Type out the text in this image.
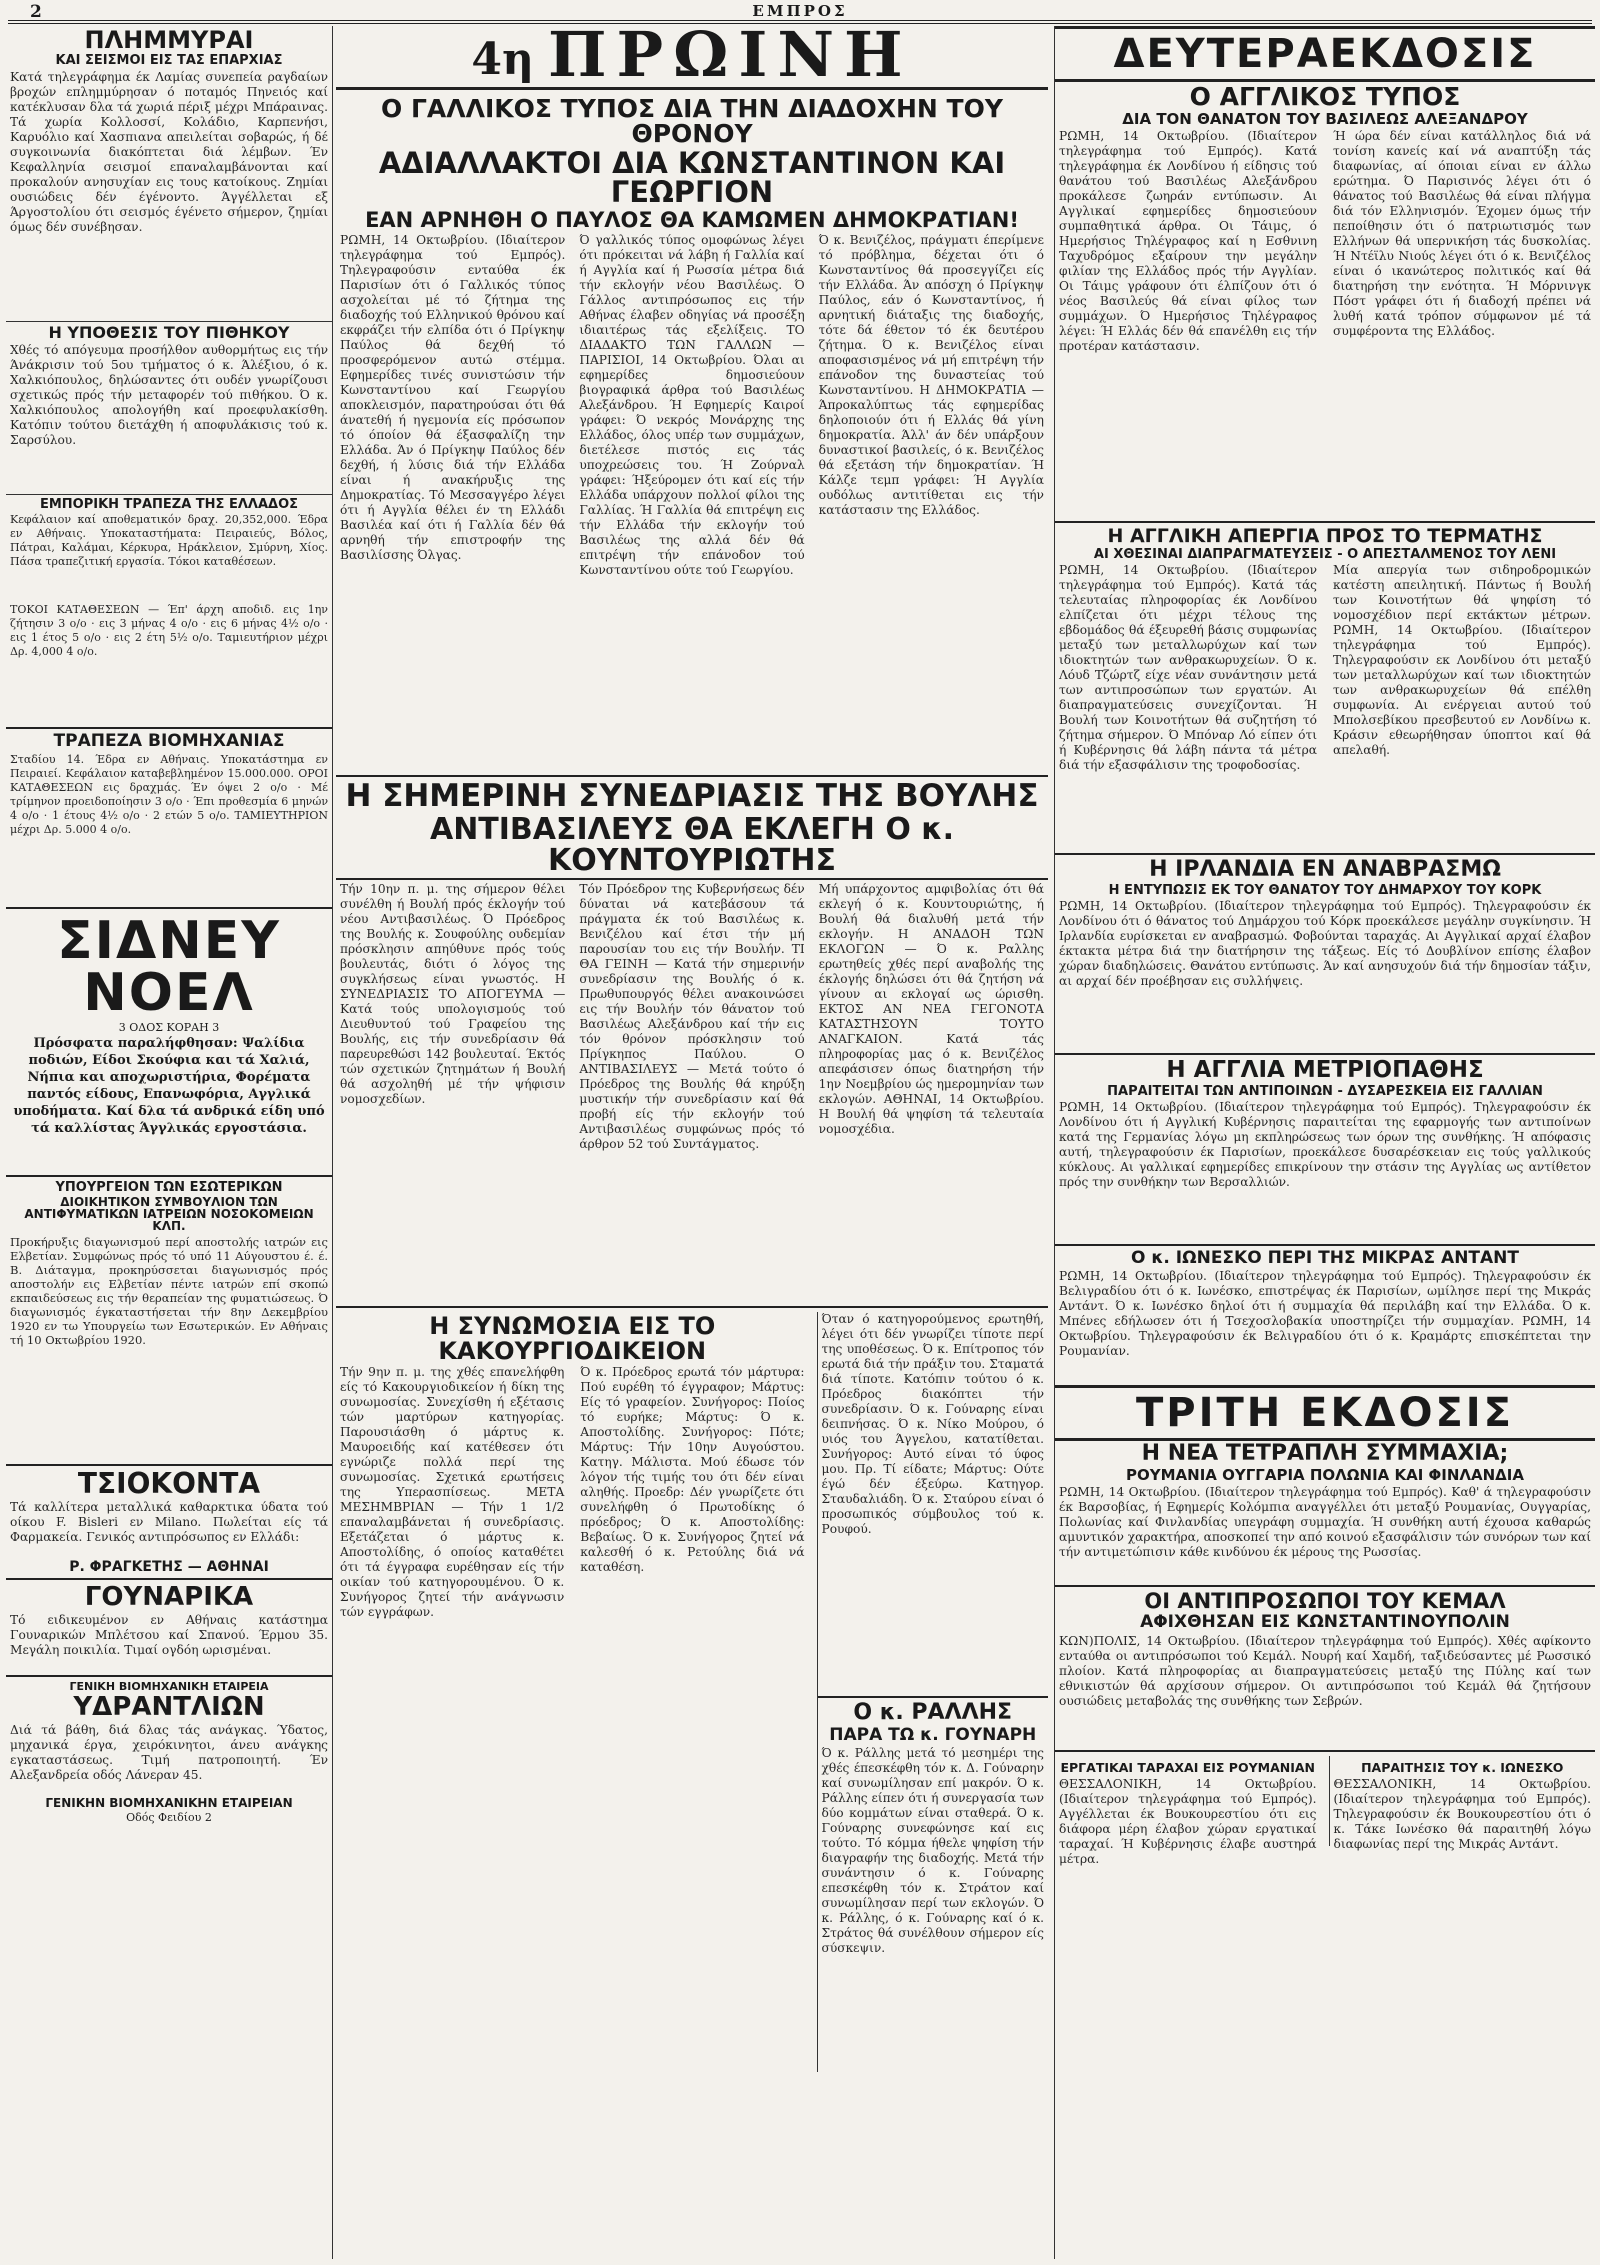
2	ΕΜΠΡΟΣ
ΠΛΗΜΜΥΡΑΙ
ΚΑΙ ΣΕΙΣΜΟΙ ΕΙΣ ΤΑΣ ΕΠΑΡΧΙΑΣ
Κατά τηλεγράφημα έκ Λαμίας συνεπεία ραγδαίων βροχών επλημμύρησαν ό ποταμός Πηνειός καί κατέκλυσαν δλα τά χωριά πέριξ μέχρι Μπάραινας. Τά χωρία Κολλοσσί, Κολάδιο, Καρπενήσι, Καρυόλιο καί Χασπιανα απειλείται σοβαρώς, ή δέ συγκοινωνία διακόπτεται διά λέμβων. Έν Κεφαλληνία σεισμοί επαναλαμβάνονται καί προκαλούν ανησυχίαν εις τους κατοίκους. Ζημίαι ουσιώδεις δέν έγένοντο. Άγγέλλεται εξ Άργοστολίου ότι σεισμός έγένετο σήμερον, ζημίαι όμως δέν συνέβησαν.
Η ΥΠΟΘΕΣΙΣ ΤΟΥ ΠΙΘΗΚΟΥ
Χθές τό απόγευμα προσήλθον αυθορμήτως εις τήν Άνάκρισιν τού 5ου τμήματος ό κ. Άλέξιου, ό κ. Χαλκιόπουλος, δηλώσαντες ότι ουδέν γνωρίζουσι σχετικώς πρός τήν μεταφορέν τού πιθήκου. Ό κ. Χαλκιόπουλος απολογήθη καί προεφυλακίσθη. Κατόπιν τούτου διετάχθη ή αποφυλάκισις τού κ. Σαρσύλου.
ΕΜΠΟΡΙΚΗ ΤΡΑΠΕΖΑ ΤΗΣ ΕΛΛΑΔΟΣ
Κεφάλαιον καί αποθεματικόν δραχ. 20,352,000. Έδρα εν Αθήναις. Υποκαταστήματα: Πειραιεύς, Βόλος, Πάτραι, Καλάμαι, Κέρκυρα, Ηράκλειον, Σμύρνη, Χίος. Πάσα τραπεζιτική εργασία. Τόκοι καταθέσεων.
ΤΟΚΟΙ ΚΑΤΑΘΕΣΕΩΝ — Έπ' άρχη αποδιδ. εις 1ην ζήτησιν 3 ο/ο · εις 3 μήνας 4 ο/ο · εις 6 μήνας 4½ ο/ο · εις 1 έτος 5 ο/ο · εις 2 έτη 5½ ο/ο. Ταμιευτήριον μέχρι Δρ. 4,000 4 ο/ο.
ΤΡΑΠΕΖΑ ΒΙΟΜΗΧΑΝΙΑΣ
Σταδίου 14. Έδρα εν Αθήναις. Υποκατάστημα εν Πειραιεί. Κεφάλαιον καταβεβλημένον 15.000.000. ΟΡΟΙ ΚΑΤΑΘΕΣΕΩΝ εις δραχμάς. Έν όψει 2 ο/ο · Μέ τρίμηνον προειδοποίησιν 3 ο/ο · Έπι προθεσμία 6 μηνών 4 ο/ο · 1 έτους 4½ ο/ο · 2 ετών 5 ο/ο. ΤΑΜΙΕΥΤΗΡΙΟΝ μέχρι Δρ. 5.000 4 ο/ο.
ΣΙΔΝΕΥ ΝΟΕΛ
3 ΟΔΟΣ ΚΟΡΑΗ 3
Πρόσφατα παραλήφθησαν: Ψαλίδια ποδιών, Είδοι Σκούφια και τά Χαλιά, Νήπια και αποχωριστήρια, Φορέματα παντός είδους, Επανωφόρια, Αγγλικά υποδήματα. Καί δλα τά ανδρικά είδη υπό τά καλλίστας Άγγλικάς εργοστάσια.
ΥΠΟΥΡΓΕΙΟΝ ΤΩΝ ΕΣΩΤΕΡΙΚΩΝ
ΔΙΟΙΚΗΤΙΚΟΝ ΣΥΜΒΟΥΛΙΟΝ ΤΩΝ ΑΝΤΙΦΥΜΑΤΙΚΩΝ ΙΑΤΡΕΙΩΝ ΝΟΣΟΚΟΜΕΙΩΝ ΚΛΠ.
Προκήρυξις διαγωνισμού περί αποστολής ιατρών εις Ελβετίαν. Συμφώνως πρός τό υπό 11 Αύγουστου έ. έ. Β. Διάταγμα, προκηρύσσεται διαγωνισμός πρός αποστολήν εις Ελβετίαν πέντε ιατρών επί σκοπώ εκπαιδεύσεως εις τήν θεραπείαν της φυματιώσεως. Ό διαγωνισμός έγκαταστήσεται τήν 8ην Δεκεμβρίου 1920 εν τω Υπουργείω των Εσωτερικών. Εν Αθήναις τή 10 Οκτωβρίου 1920.
ΤΣΙΟΚΟΝΤΑ
Τά καλλίτερα μεταλλικά καθαρκτικα ύδατα τού οίκου F. Bisleri εν Milano. Πωλείται είς τά Φαρμακεία. Γενικός αντιπρόσωπος εν Ελλάδι:
Ρ. ΦΡΑΓΚΕΤΗΣ — ΑΘΗΝΑΙ
ΓΟΥΝΑΡΙΚΑ
Τό ειδικευμένον εν Αθήναις κατάστημα Γουναρικών Μπλέτσου καί Σπανού. Έρμου 35. Μεγάλη ποικιλία. Τιμαί ογδόη ωρισμέναι.
ΓΕΝΙΚΗ ΒΙΟΜΗΧΑΝΙΚΗ ΕΤΑΙΡΕΙΑ
ΥΔΡΑΝΤΛΙΩΝ
Διά τά βάθη, διά δλας τάς ανάγκας. Ύδατος, μηχανικά έργα, χειρόκινητοι, άνευ ανάγκης εγκαταστάσεως. Τιμή πατροποιητή. Έν Αλεξανδρεία οδός Λάνεραν 45.
ΓΕΝΙΚΗΝ ΒΙΟΜΗΧΑΝΙΚΗΝ ΕΤΑΙΡΕΙΑΝ
Οδός Φειδίου 2
4η ΠΡΩΙΝΗ
Ο ΓΑΛΛΙΚΟΣ ΤΥΠΟΣ ΔΙΑ ΤΗΝ ΔΙΑΔΟΧΗΝ ΤΟΥ ΘΡΟΝΟΥ
ΑΔΙΑΛΛΑΚΤΟΙ ΔΙΑ ΚΩΝΣΤΑΝΤΙΝΟΝ ΚΑΙ ΓΕΩΡΓΙΟΝ
ΕΑΝ ΑΡΝΗΘΗ Ο ΠΑΥΛΟΣ ΘΑ ΚΑΜΩΜΕΝ ΔΗΜΟΚΡΑΤΙΑΝ!
ΡΩΜΗ, 14 Οκτωβρίου. (Ιδιαίτερον τηλεγράφημα τού Εμπρός). Τηλεγραφούσιν ενταύθα έκ Παρισίων ότι ό Γαλλικός τύπος ασχολείται μέ τό ζήτημα της διαδοχής τού Ελληνικού θρόνου καί εκφράζει τήν ελπίδα ότι ό Πρίγκηψ Παύλος θά δεχθή τό προσφερόμενον αυτώ στέμμα. Εφημερίδες τινές συνιστώσιν τήν Κωνσταντίνου καί Γεωργίου αποκλεισμόν, παρατηρούσαι ότι θά άνατεθή ή ηγεμονία είς πρόσωπον τό όποίον θά έξασφαλίζη την Ελλάδα. Άν ό Πρίγκηψ Παύλος δέν δεχθή, ή λύσις διά τήν Ελλάδα είναι ή ανακήρυξις της Δημοκρατίας. Τό Μεσσαγγέρο λέγει ότι ή Αγγλία θέλει έν τη Ελλάδι Βασιλέα καί ότι ή Γαλλία δέν θά αρνηθή τήν επιστροφήν της Βασιλίσσης Όλγας.
Ό γαλλικός τύπος ομοφώνως λέγει ότι πρόκειται νά λάβη ή Γαλλία καί ή Αγγλία καί ή Ρωσσία μέτρα διά τήν εκλογήν νέου Βασιλέως. Ό Γάλλος αντιπρόσωπος εις τήν Αθήνας έλαβεν οδηγίας νά προσέξη ιδιαιτέρως τάς εξελίξεις. ΤΟ ΔΙΑΔΑΚΤΟ ΤΩΝ ΓΑΛΛΩΝ — ΠΑΡΙΣΙΟΙ, 14 Οκτωβρίου. Όλαι αι εφημερίδες δημοσιεύουν βιογραφικά άρθρα τού Βασιλέως Αλεξάνδρου. Ή Εφημερίς Καιροί γράφει: Ό νεκρός Μονάρχης της Ελλάδος, όλος υπέρ των συμμάχων, διετέλεσε πιστός εις τάς υποχρεώσεις του. Ή Ζούρναλ γράφει: Ήξεύρομεν ότι καί είς τήν Ελλάδα υπάρχουν πολλοί φίλοι της Γαλλίας. Ή Γαλλία θά επιτρέψη εις τήν Ελλάδα τήν εκλογήν τού Βασιλέως της αλλά δέν θά επιτρέψη τήν επάνοδον τού Κωνσταντίνου ούτε τού Γεωργίου.
Ό κ. Βενιζέλος, πράγματι έπερίμενε τό πρόβλημα, δέχεται ότι ό Κωνσταντίνος θά προσεγγίζει είς τήν Ελλάδα. Άν απόσχη ό Πρίγκηψ Παύλος, εάν ό Κωνσταντίνος, ή αρνητική διάταξις της διαδοχής, τότε δά έθετον τό έκ δευτέρου ζήτημα. Ό κ. Βενιζέλος είναι αποφασισμένος νά μή επιτρέψη τήν επάνοδον της δυναστείας τού Κωνσταντίνου. Η ΔΗΜΟΚΡΑΤΙΑ — Άπροκαλύπτως τάς εφημερίδας δηλοποιούν ότι ή Ελλάς θά γίνη δημοκρατία. Άλλ' άν δέν υπάρξουν δυναστικοί βασιλείς, ό κ. Βενιζέλος θά εξετάση τήν δημοκρατίαν. Ή Κάλζε τεμπ γράφει: Ή Αγγλία ουδόλως αντιτίθεται εις τήν κατάστασιν της Ελλάδος.
Η ΣΗΜΕΡΙΝΗ ΣΥΝΕΔΡΙΑΣΙΣ ΤΗΣ ΒΟΥΛΗΣ
ΑΝΤΙΒΑΣΙΛΕΥΣ ΘΑ ΕΚΛΕΓΗ Ο κ. ΚΟΥΝΤΟΥΡΙΩΤΗΣ
Τήν 10ην π. μ. της σήμερον θέλει συνέλθη ή Βουλή πρός έκλογήν τού νέου Αντιβασιλέως. Ό Πρόεδρος της Βουλής κ. Σουφούλης ουδεμίαν πρόσκλησιν απηύθυνε πρός τούς βουλευτάς, διότι ό λόγος της συγκλήσεως είναι γνωστός. Η ΣΥΝΕΔΡΙΑΣΙΣ ΤΟ ΑΠΟΓΕΥΜΑ — Κατά τούς υπολογισμούς τού Διευθυντού τού Γραφείου της Βουλής, εις τήν συνεδρίασιν θά παρευρεθώσι 142 βουλευταί. Έκτός τών σχετικών ζητημάτων ή Βουλή θά ασχοληθή μέ τήν ψήφισιν νομοσχεδίων.
Τόν Πρόεδρον της Κυβερνήσεως δέν δύναται νά κατεβάσουν τά πράγματα έκ τού Βασιλέως κ. Βενιζέλου καί έτσι τήν μή παρουσίαν του εις τήν Βουλήν. ΤΙ ΘΑ ΓΕΙΝΗ — Κατά τήν σημερινήν συνεδρίασιν της Βουλής ό κ. Πρωθυπουργός θέλει ανακοινώσει εις τήν Βουλήν τόν θάνατον τού Βασιλέως Αλεξάνδρου καί τήν εις τόν θρόνον πρόσκλησιν τού Πρίγκηπος Παύλου. Ο ΑΝΤΙΒΑΣΙΛΕΥΣ — Μετά τούτο ό Πρόεδρος της Βουλής θά κηρύξη μυστικήν τήν συνεδρίασιν καί θά προβή είς τήν εκλογήν τού Αντιβασιλέως συμφώνως πρός τό άρθρον 52 τού Συντάγματος.
Μή υπάρχοντος αμφιβολίας ότι θά εκλεγή ό κ. Κουντουριώτης, ή Βουλή θά διαλυθή μετά τήν εκλογήν. Η ΑΝΑΔΟΗ ΤΩΝ ΕΚΛΟΓΩΝ — Ό κ. Ραλλης ερωτηθείς χθές περί αναβολής της έκλογής δηλώσει ότι θά ζητήση νά γίνουν αι εκλογαί ως ώρισθη. ΕΚΤΟΣ ΑΝ ΝΕΑ ΓΕΓΟΝΟΤΑ ΚΑΤΑΣΤΗΣΟΥΝ ΤΟΥΤΟ ΑΝΑΓΚΑΙΟΝ. Κατά τάς πληροφορίας μας ό κ. Βενιζέλος απεφάσισεν όπως διατηρήση τήν 1ην Νοεμβρίου ώς ημερομηνίαν των εκλογών. ΑΘΗΝΑΙ, 14 Οκτωβρίου. Η Βουλή θά ψηφίση τά τελευταία νομοσχέδια.
Η ΣΥΝΩΜΟΣΙΑ ΕΙΣ ΤΟ ΚΑΚΟΥΡΓΙΟΔΙΚΕΙΟΝ
Τήν 9ην π. μ. της χθές επανελήφθη είς τό Κακουργιοδικείον ή δίκη της συνωμοσίας. Συνεχίσθη ή εξέτασις τών μαρτύρων κατηγορίας. Παρουσιάσθη ό μάρτυς κ. Μαυροειδής καί κατέθεσεν ότι εγνώριζε πολλά περί της συνωμοσίας. Σχετικά ερωτήσεις της Υπερασπίσεως. ΜΕΤΑ ΜΕΣΗΜΒΡΙΑΝ — Τήν 1 1/2 επαναλαμβάνεται ή συνεδρίασις. Εξετάζεται ό μάρτυς κ. Αποστολίδης, ό οποίος καταθέτει ότι τά έγγραφα ευρέθησαν είς τήν οικίαν τού κατηγορουμένου. Ό κ. Συνήγορος ζητεί τήν ανάγνωσιν τών εγγράφων.
Ό κ. Πρόεδρος ερωτά τόν μάρτυρα: Πού ευρέθη τό έγγραφον; Μάρτυς: Είς τό γραφείον. Συνήγορος: Ποίος τό ευρήκε; Μάρτυς: Ό κ. Αποστολίδης. Συνήγορος: Πότε; Μάρτυς: Τήν 10ην Αυγούστου. Κατηγ. Μάλιστα. Μού έδωσε τόν λόγον τής τιμής του ότι δέν είναι αληθής. Προεδρ: Δέν γνωρίζετε ότι συνελήφθη ό Πρωτοδίκης ό πρόεδρος; Ό κ. Αποστολίδης: Βεβαίως. Ό κ. Συνήγορος ζητεί νά καλεσθή ό κ. Ρετούλης διά νά καταθέση.
Όταν ό κατηγορούμενος ερωτηθή, λέγει ότι δέν γνωρίζει τίποτε περί της υποθέσεως. Ό κ. Επίτροπος τόν ερωτά διά τήν πράξιν του. Σταματά διά τίποτε. Κατόπιν τούτου ό κ. Πρόεδρος διακόπτει τήν συνεδρίασιν. Ό κ. Γούναρης είναι δειπνήσας. Ό κ. Νίκο Μούρου, ό υιός του Άγγελου, κατατίθεται. Συνήγορος: Αυτό είναι τό ύφος μου. Πρ. Τί είδατε; Μάρτυς: Ούτε έγώ δέν έξεύρω. Κατηγορ. Σταυδαλιάδη. Ό κ. Σταύρου είναι ό προσωπικός σύμβουλος τού κ. Ρουφού.
Ο κ. ΡΑΛΛΗΣ
ΠΑΡΑ ΤΩ κ. ΓΟΥΝΑΡΗ
Ό κ. Ράλλης μετά τό μεσημέρι της χθές έπεσκέφθη τόν κ. Δ. Γούναρην καί συνωμίλησαν επί μακρόν. Ό κ. Ράλλης είπεν ότι ή συνεργασία των δύο κομμάτων είναι σταθερά. Ό κ. Γούναρης συνεφώνησε καί εις τούτο. Τό κόμμα ήθελε ψηφίση τήν διαγραφήν της διαδοχής. Μετά τήν συνάντησιν ό κ. Γούναρης επεσκέφθη τόν κ. Στράτον καί συνωμίλησαν περί των εκλογών. Ό κ. Ράλλης, ό κ. Γούναρης καί ό κ. Στράτος θά συνέλθουν σήμερον είς σύσκεψιν.
ΔΕΥΤΕΡΑΕΚΔΟΣΙΣ
Ο ΑΓΓΛΙΚΟΣ ΤΥΠΟΣ
ΔΙΑ ΤΟΝ ΘΑΝΑΤΟΝ ΤΟΥ ΒΑΣΙΛΕΩΣ ΑΛΕΞΑΝΔΡΟΥ
ΡΩΜΗ, 14 Οκτωβρίου. (Ιδιαίτερον τηλεγράφημα τού Εμπρός). Κατά τηλεγράφημα έκ Λονδίνου ή είδησις τού θανάτου τού Βασιλέως Αλεξάνδρου προκάλεσε ζωηράν εντύπωσιν. Αι Αγγλικαί εφημερίδες δημοσιεύουν συμπαθητικά άρθρα. Οι Τάιμς, ό Ημερήσιος Τηλέγραφος καί η Εσθνινη Ταχυδρόμος εξαίρουν την μεγάλην φιλίαν της Ελλάδος πρός τήν Αγγλίαν. Οι Τάιμς γράφουν ότι έλπίζουν ότι ό νέος Βασιλεύς θά είναι φίλος των συμμάχων. Ό Ημερήσιος Τηλέγραφος λέγει: Ή Ελλάς δέν θά επανέλθη εις τήν προτέραν κατάστασιν.
Ή ώρα δέν είναι κατάλληλος διά νά τονίση κανείς καί νά αναπτύξη τάς διαφωνίας, αί όποιαι είναι εν άλλω ερώτημα. Ό Παρισινός λέγει ότι ό θάνατος τού Βασιλέως θά είναι πλήγμα διά τόν Ελληνισμόν. Έχομεν όμως τήν πεποίθησιν ότι ό πατριωτισμός των Ελλήνων θά υπερνικήση τάς δυσκολίας. Ή Ντέϊλυ Νιούς λέγει ότι ό κ. Βενιζέλος είναι ό ικανώτερος πολιτικός καί θά διατηρήση την ενότητα. Ή Μόρνινγκ Πόστ γράφει ότι ή διαδοχή πρέπει νά λυθή κατά τρόπον σύμφωνον μέ τά συμφέροντα της Ελλάδος.
Η ΑΓΓΛΙΚΗ ΑΠΕΡΓΙΑ ΠΡΟΣ ΤΟ ΤΕΡΜΑΤΗΣ
ΑΙ ΧΘΕΣΙΝΑΙ ΔΙΑΠΡΑΓΜΑΤΕΥΣΕΙΣ - Ο ΑΠΕΣΤΑΛΜΕΝΟΣ ΤΟΥ ΛΕΝΙ
ΡΩΜΗ, 14 Οκτωβρίου. (Ιδιαίτερον τηλεγράφημα τού Εμπρός). Κατά τάς τελευταίας πληροφορίας έκ Λονδίνου ελπίζεται ότι μέχρι τέλους της εβδομάδος θά έξευρεθή βάσις συμφωνίας μεταξύ των μεταλλωρύχων καί των ιδιοκτητών των ανθρακωρυχείων. Ό κ. Λόυδ Τζώρτζ είχε νέαν συνάντησιν μετά των αντιπροσώπων των εργατών. Αι διαπραγματεύσεις συνεχίζονται. Ή Βουλή των Κοινοτήτων θά συζητήση τό ζήτημα σήμερον. Ό Μπόναρ Λό είπεν ότι ή Κυβέρνησις θά λάβη πάντα τά μέτρα διά τήν εξασφάλισιν της τροφοδοσίας.
Μία απεργία των σιδηροδρομικών κατέστη απειλητική. Πάντως ή Βουλή των Κοινοτήτων θά ψηφίση τό νομοσχέδιον περί εκτάκτων μέτρων. ΡΩΜΗ, 14 Οκτωβρίου. (Ιδιαίτερον τηλεγράφημα τού Εμπρός). Τηλεγραφούσιν εκ Λονδίνου ότι μεταξύ των μεταλλωρύχων καί των ιδιοκτητών των ανθρακωρυχείων θά επέλθη συμφωνία. Αι ενέργειαι αυτού τού Μπολσεβίκου πρεσβευτού εν Λονδίνω κ. Κράσιν εθεωρήθησαν ύποπτοι καί θά απελαθή.
Η ΙΡΛΑΝΔΙΑ ΕΝ ΑΝΑΒΡΑΣΜΩ
Η ΕΝΤΥΠΩΣΙΣ ΕΚ ΤΟΥ ΘΑΝΑΤΟΥ ΤΟΥ ΔΗΜΑΡΧΟΥ ΤΟΥ ΚΟΡΚ
ΡΩΜΗ, 14 Οκτωβρίου. (Ιδιαίτερον τηλεγράφημα τού Εμπρός). Τηλεγραφούσιν έκ Λονδίνου ότι ό θάνατος τού Δημάρχου τού Κόρκ προεκάλεσε μεγάλην συγκίνησιν. Ή Ιρλανδία ευρίσκεται εν αναβρασμώ. Φοβούνται ταραχάς. Αι Αγγλικαί αρχαί έλαβον έκτακτα μέτρα διά την διατήρησιν της τάξεως. Είς τό Δουβλίνον επίσης έλαβον χώραν διαδηλώσεις. Θανάτου εντύπωσις. Άν καί ανησυχούν διά τήν δημοσίαν τάξιν, αι αρχαί δέν προέβησαν εις συλλήψεις.
Η ΑΓΓΛΙΑ ΜΕΤΡΙΟΠΑΘΗΣ
ΠΑΡΑΙΤΕΙΤΑΙ ΤΩΝ ΑΝΤΙΠΟΙΝΩΝ - ΔΥΣΑΡΕΣΚΕΙΑ ΕΙΣ ΓΑΛΛΙΑΝ
ΡΩΜΗ, 14 Οκτωβρίου. (Ιδιαίτερον τηλεγράφημα τού Εμπρός). Τηλεγραφούσιν έκ Λονδίνου ότι ή Αγγλική Κυβέρνησις παραιτείται της εφαρμογής των αντιποίνων κατά της Γερμανίας λόγω μη εκπληρώσεως των όρων της συνθήκης. Ή απόφασις αυτή, τηλεγραφούσιν έκ Παρισίων, προεκάλεσε δυσαρέσκειαν εις τούς γαλλικούς κύκλους. Αι γαλλικαί εφημερίδες επικρίνουν την στάσιν της Αγγλίας ως αντίθετον πρός την συνθήκην των Βερσαλλιών.
Ο κ. ΙΩΝΕΣΚΟ ΠΕΡΙ ΤΗΣ ΜΙΚΡΑΣ ΑΝΤΑΝΤ
ΡΩΜΗ, 14 Οκτωβρίου. (Ιδιαίτερον τηλεγράφημα τού Εμπρός). Τηλεγραφούσιν έκ Βελιγραδίου ότι ό κ. Ιωνέσκο, επιστρέψας έκ Παρισίων, ωμίλησε περί της Μικράς Αντάντ. Ό κ. Ιωνέσκο δηλοί ότι ή συμμαχία θά περιλάβη καί την Ελλάδα. Ό κ. Μπένες εδήλωσεν ότι ή Τσεχοσλοβακία υποστηρίζει τήν συμμαχίαν. ΡΩΜΗ, 14 Οκτωβρίου. Τηλεγραφούσιν έκ Βελιγραδίου ότι ό κ. Κραμάρτς επισκέπτεται την Ρουμανίαν.
ΤΡΙΤΗ ΕΚΔΟΣΙΣ
Η ΝΕΑ ΤΕΤΡΑΠΛΗ ΣΥΜΜΑΧΙΑ;
ΡΟΥΜΑΝΙΑ ΟΥΓΓΑΡΙΑ ΠΟΛΩΝΙΑ ΚΑΙ ΦΙΝΛΑΝΔΙΑ
ΡΩΜΗ, 14 Οκτωβρίου. (Ιδιαίτερον τηλεγράφημα τού Εμπρός). Καθ' ά τηλεγραφούσιν έκ Βαρσοβίας, ή Εφημερίς Κολόμπια αναγγέλλει ότι μεταξύ Ρουμανίας, Ουγγαρίας, Πολωνίας καί Φινλανδίας υπεγράφη συμμαχία. Ή συνθήκη αυτή έχουσα καθαρώς αμυντικόν χαρακτήρα, αποσκοπεί την από κοινού εξασφάλισιν τών συνόρων των καί τήν αντιμετώπισιν κάθε κινδύνου έκ μέρους της Ρωσσίας.
ΟΙ ΑΝΤΙΠΡΟΣΩΠΟΙ ΤΟΥ ΚΕΜΑΛ
ΑΦΙΧΘΗΣΑΝ ΕΙΣ ΚΩΝΣΤΑΝΤΙΝΟΥΠΟΛΙΝ
ΚΩΝ)ΠΟΛΙΣ, 14 Οκτωβρίου. (Ιδιαίτερον τηλεγράφημα τού Εμπρός). Χθές αφίκοντο ενταύθα οι αντιπρόσωποι τού Κεμάλ. Νουρή καί Χαμδή, ταξιδεύσαντες μέ Ρωσσικό πλοίον. Κατά πληροφορίας αι διαπραγματεύσεις μεταξύ της Πύλης καί των εθνικιστών θά αρχίσουν σήμερον. Οι αντιπρόσωποι τού Κεμάλ θά ζητήσουν ουσιώδεις μεταβολάς της συνθήκης των Σεβρών.
ΕΡΓΑΤΙΚΑΙ ΤΑΡΑΧΑΙ ΕΙΣ ΡΟΥΜΑΝΙΑΝ
ΘΕΣΣΑΛΟΝΙΚΗ, 14 Οκτωβρίου. (Ιδιαίτερον τηλεγράφημα τού Εμπρός). Αγγέλλεται έκ Βουκουρεστίου ότι εις διάφορα μέρη έλαβον χώραν εργατικαί ταραχαί. Ή Κυβέρνησις έλαβε αυστηρά μέτρα.
ΠΑΡΑΙΤΗΣΙΣ ΤΟΥ κ. ΙΩΝΕΣΚΟ
ΘΕΣΣΑΛΟΝΙΚΗ, 14 Οκτωβρίου. (Ιδιαίτερον τηλεγράφημα τού Εμπρός). Τηλεγραφούσιν έκ Βουκουρεστίου ότι ό κ. Τάκε Ιωνέσκο θά παραιτηθή λόγω διαφωνίας περί της Μικράς Αντάντ.
